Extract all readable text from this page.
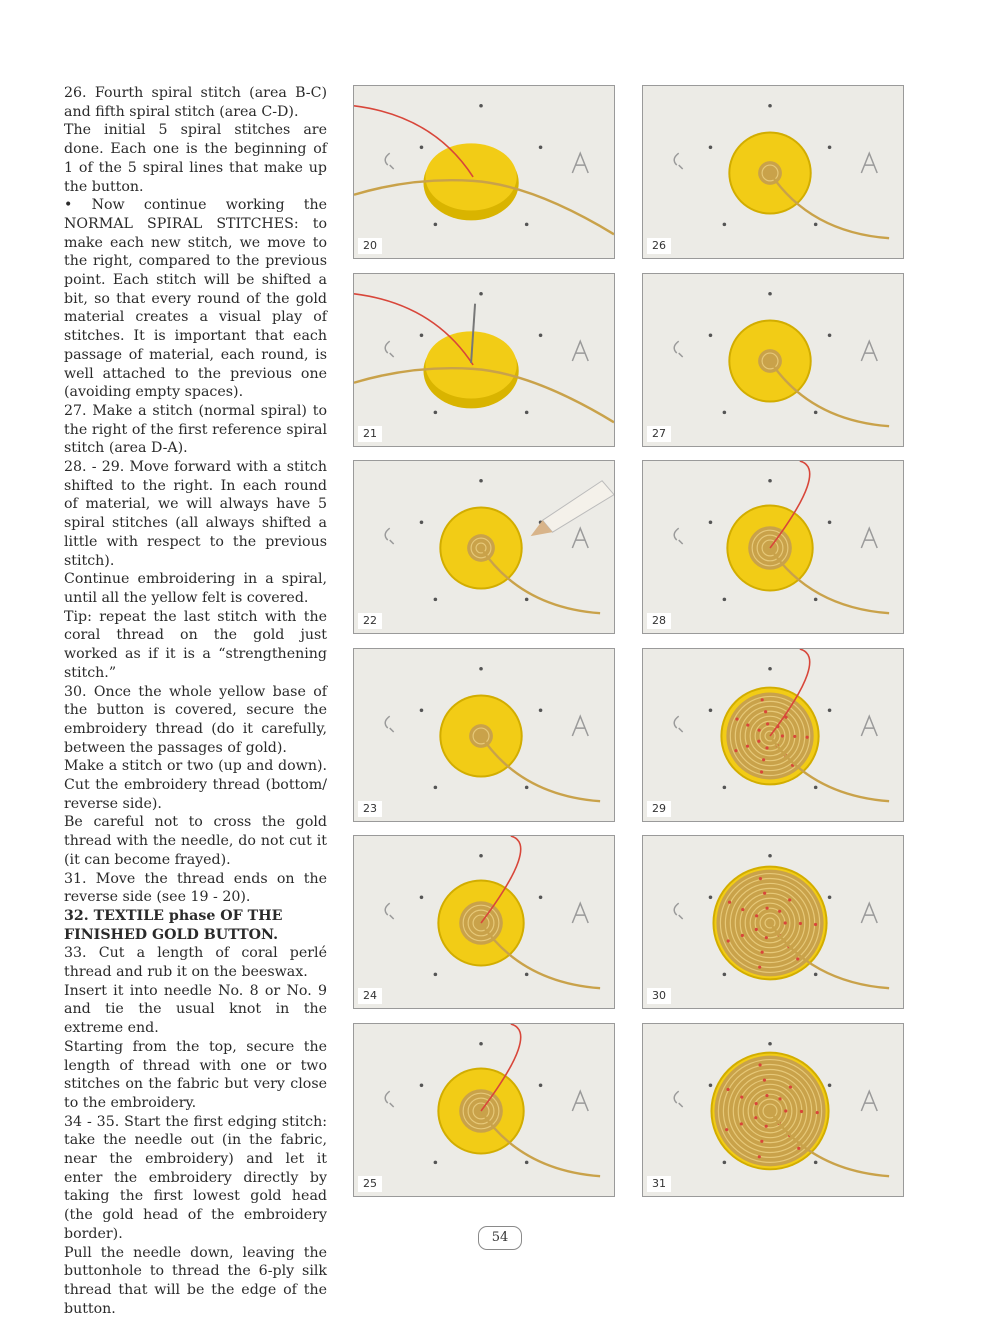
26. Fourth spiral stitch (area B-C) and fifth spiral stitch (area C-D).

The initial 5 spiral stitches are done. Each one is the beginning of 1 of the 5 spiral lines that make up the button.

• Now continue working the NORMAL SPIRAL STITCHES: to make each new stitch, we move to the right, compared to the previous point. Each stitch will be shifted a bit, so that every round of the gold material creates a visual play of stitches. It is important that each passage of material, each round, is well attached to the previous one (avoiding empty spaces).

27. Make a stitch (normal spiral) to the right of the first reference spiral stitch (area D-A).

28. - 29. Move forward with a stitch shifted to the right. In each round of material, we will always have 5 spiral stitches (all always shifted a little with respect to the previous stitch).

Continue embroidering in a spiral, until all the yellow felt is covered.

Tip: repeat the last stitch with the coral thread on the gold just worked as if it is a “strengthening stitch.”

30. Once the whole yellow base of the button is covered, secure the embroidery thread (do it carefully, between the passages of gold).

Make a stitch or two (up and down). Cut the embroidery thread (bottom/ reverse side).

Be careful not to cross the gold thread with the needle, do not cut it (it can become frayed).

31. Move the thread ends on the reverse side (see 19 - 20).

32. TEXTILE phase OF THE FINISHED GOLD BUTTON.

33. Cut a length of coral perlé thread and rub it on the beeswax.

Insert it into needle No. 8 or No. 9 and tie the usual knot in the extreme end.

Starting from the top, secure the length of thread with one or two stitches on the fabric but very close to the embroidery.

34 - 35. Start the first edging stitch: take the needle out (in the fabric, near the embroidery) and let it enter the embroidery directly by taking the first lowest gold head (the gold head of the embroidery border).

Pull the needle down, leaving the buttonhole to thread the 6-ply silk thread that will be the edge of the button.

20	26
21	27
22	28
23	29
24	30
25	31
54
